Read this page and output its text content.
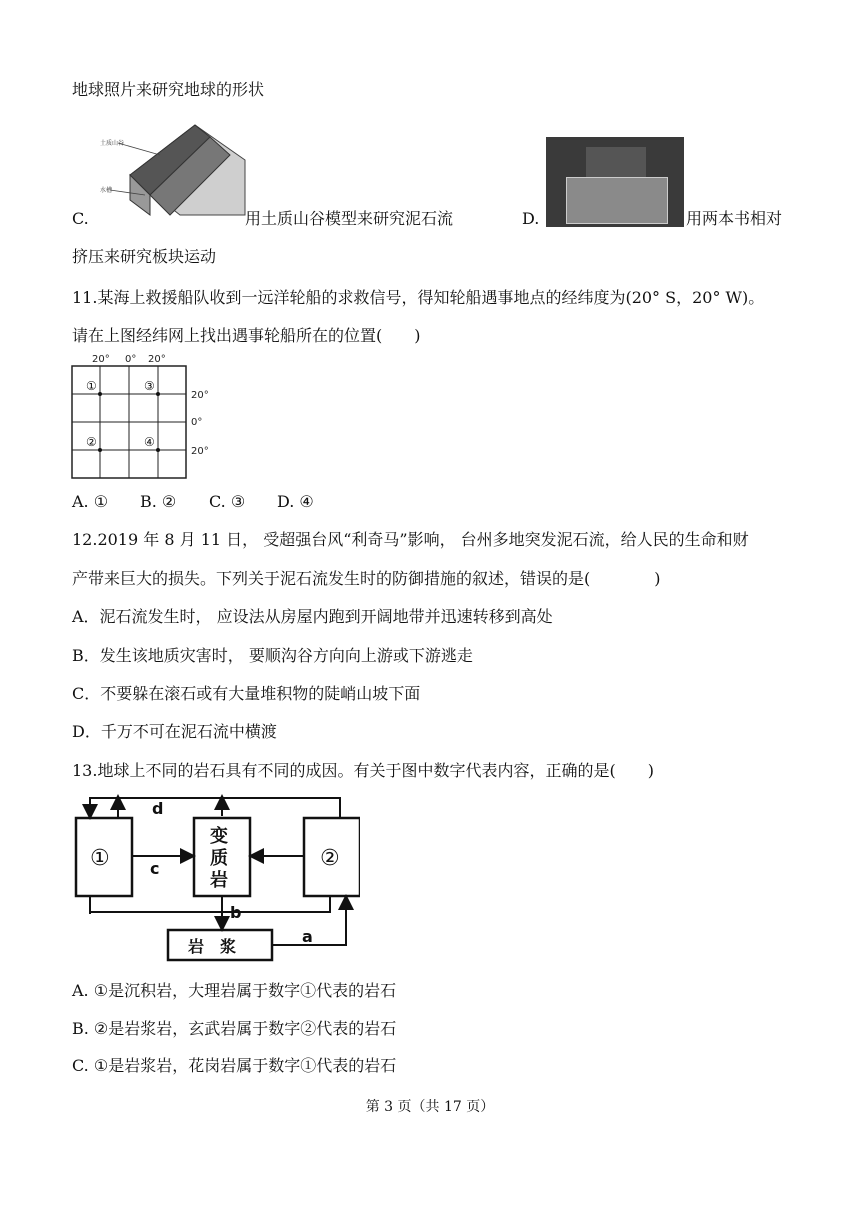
地球照片来研究地球的形状
土质山谷
水槽
C.	用土质山谷模型来研究泥石流	D.	用两本书相对
挤压来研究板块运动
11.某海上救援船队收到一远洋轮船的求救信号，得知轮船遇事地点的经纬度为(20° S，20° W)。
请在上图经纬网上找出遇事轮船所在的位置(　　)
20° 0° 20°
①	③
②	④
20°
0°
20°
A. ① B. ② C. ③ D. ④
12.2019 年 8 月 11 日， 受超强台风“利奇马”影响， 台州多地突发泥石流，给人民的生命和财
产带来巨大的损失。下列关于泥石流发生时的防御措施的叙述，错误的是(　　　　)
A．泥石流发生时， 应设法从房屋内跑到开阔地带并迅速转移到高处
B．发生该地质灾害时， 要顺沟谷方向向上游或下游逃走
C．不要躲在滚石或有大量堆积物的陡峭山坡下面
D．千万不可在泥石流中横渡
13.地球上不同的岩石具有不同的成因。有关于图中数字代表内容，正确的是(　　)
①
变
质
岩
②
岩　浆
d
c
b
a
A. ①是沉积岩，大理岩属于数字①代表的岩石
B. ②是岩浆岩，玄武岩属于数字②代表的岩石
C. ①是岩浆岩，花岗岩属于数字①代表的岩石
第 3 页（共 17 页）
